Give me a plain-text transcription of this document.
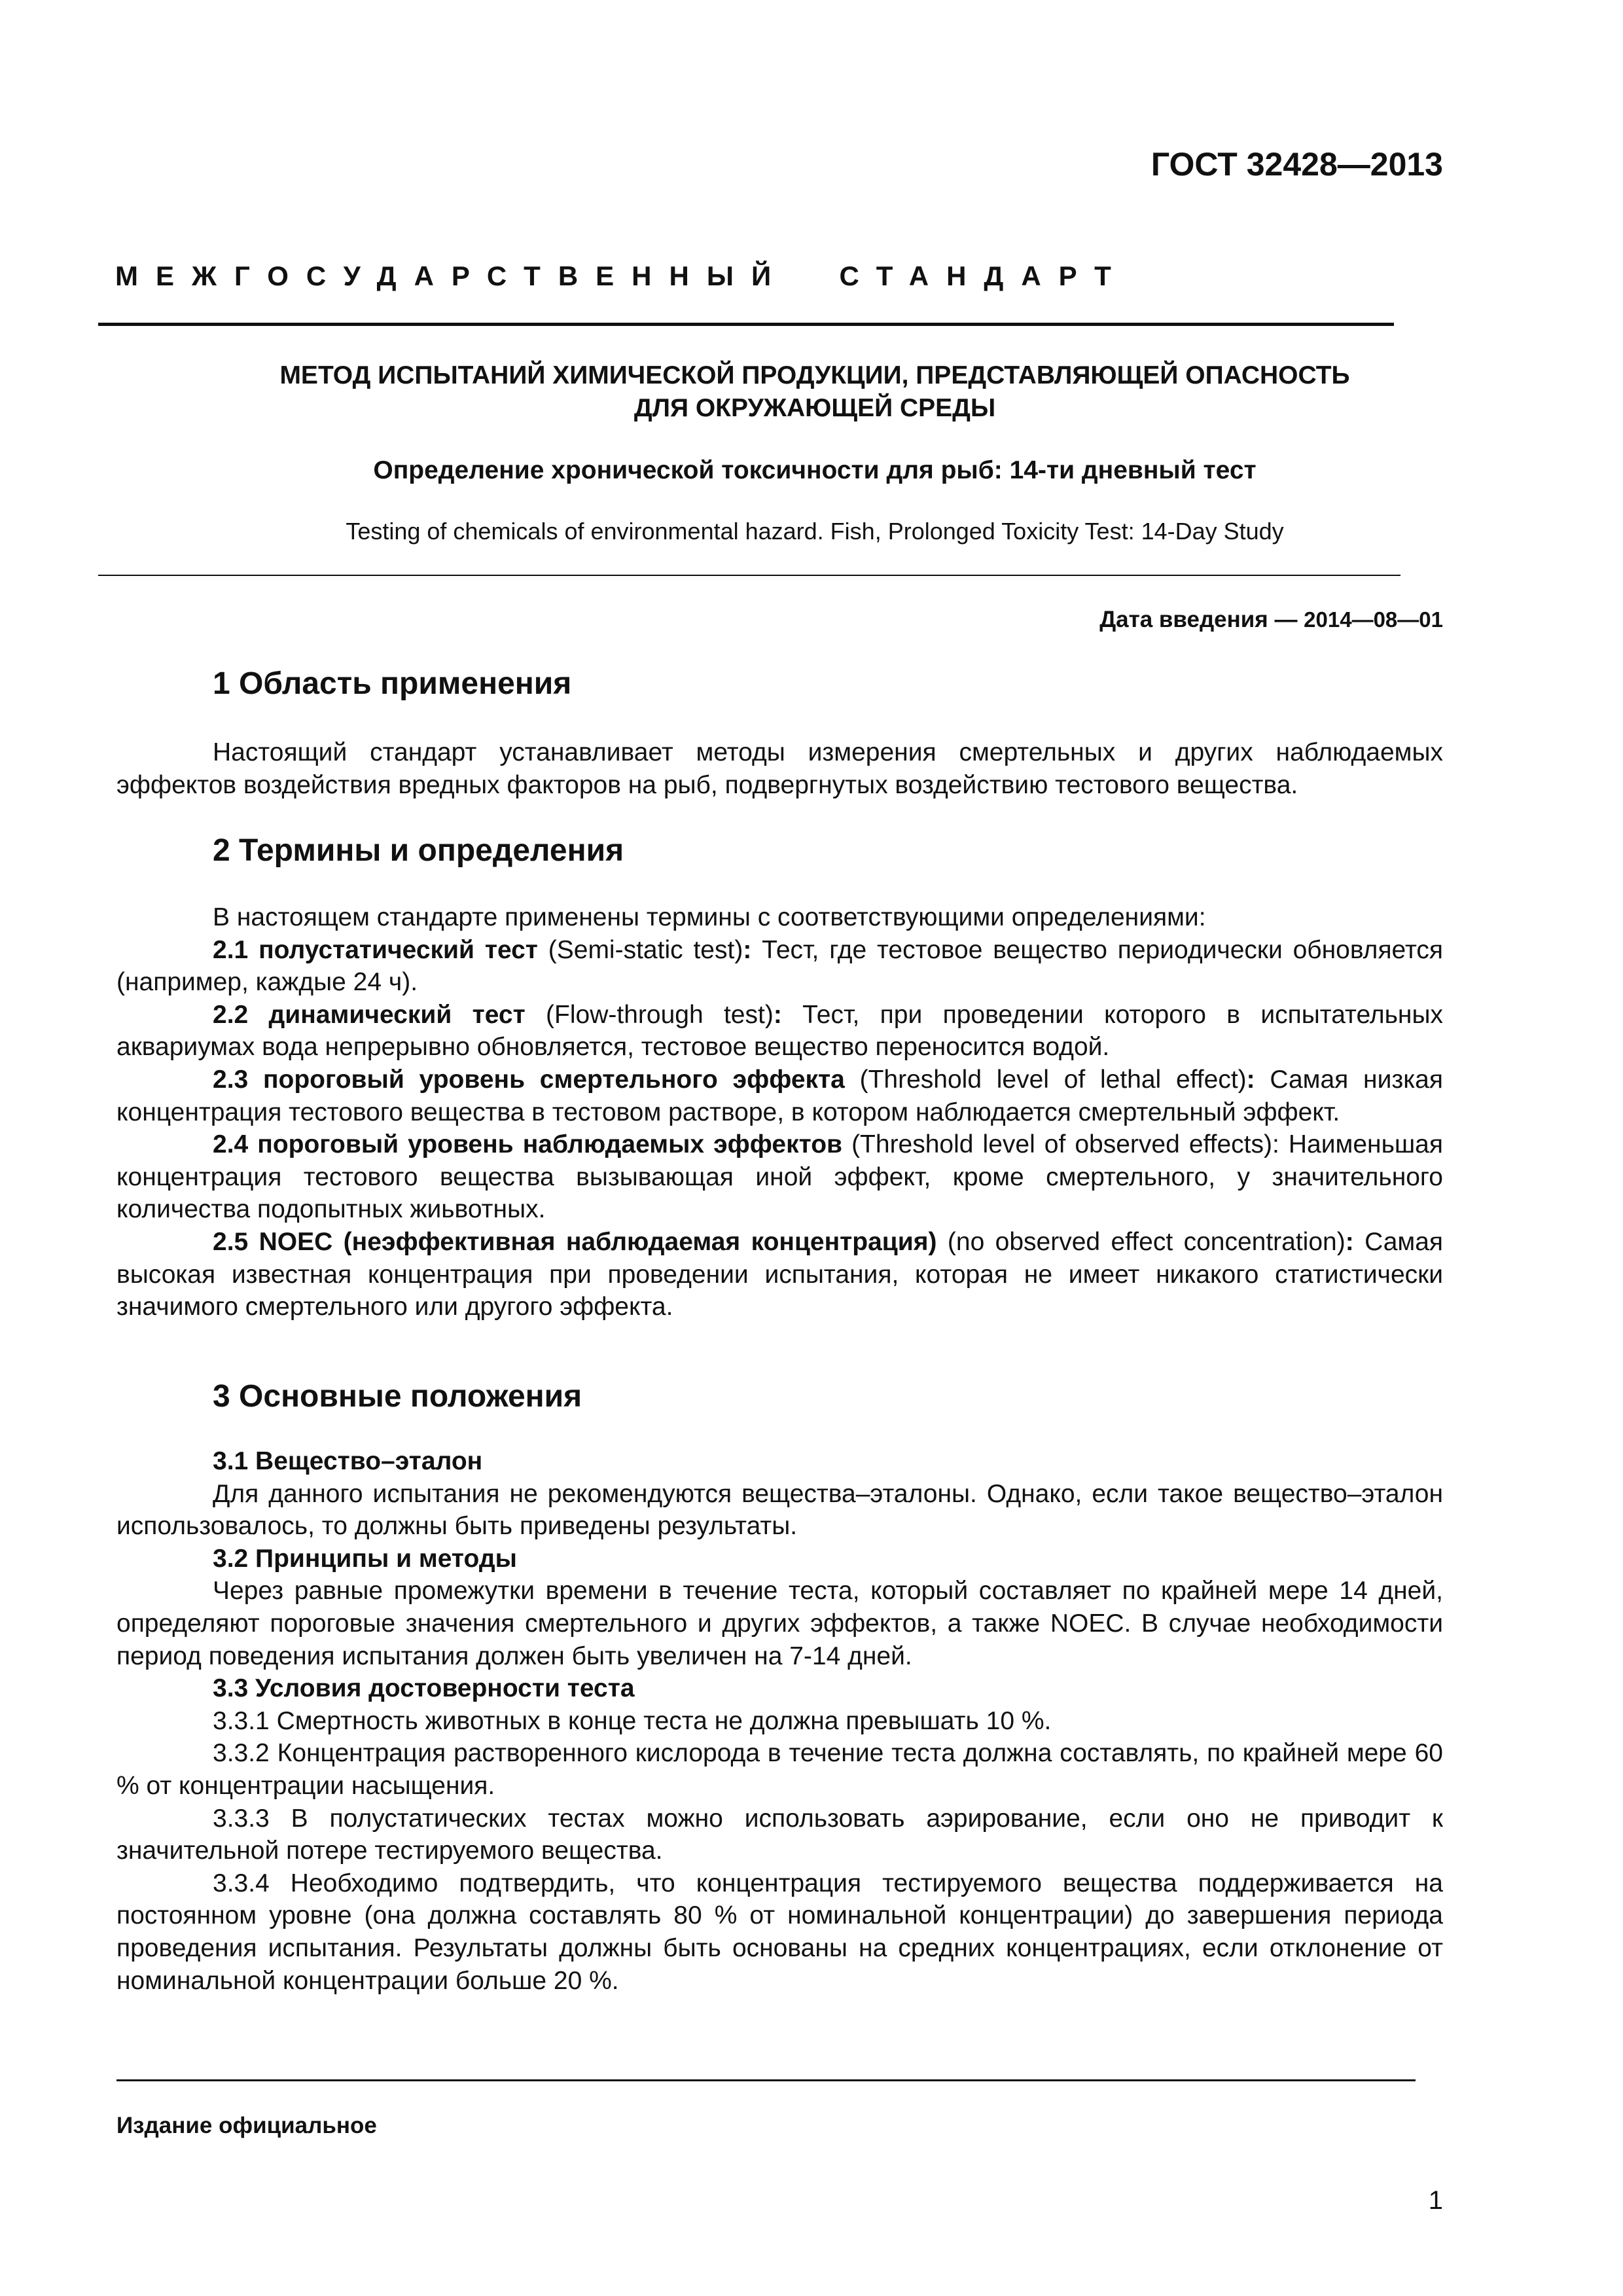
ГОСТ 32428—2013
МЕЖГОСУДАРСТВЕННЫЙ  СТАНДАРТ
МЕТОД ИСПЫТАНИЙ ХИМИЧЕСКОЙ ПРОДУКЦИИ, ПРЕДСТАВЛЯЮЩЕЙ ОПАСНОСТЬ
ДЛЯ ОКРУЖАЮЩЕЙ СРЕДЫ
Определение хронической токсичности для рыб: 14-ти дневный тест
Testing of chemicals of environmental hazard. Fish, Prolonged Toxicity Test: 14-Day Study
Дата введения — 2014—08—01
1 Область применения

Настоящий стандарт устанавливает методы измерения смертельных и других наблюдаемых эффектов воздействия вредных факторов на рыб, подвергнутых воздействию тестового вещества.

2 Термины и определения

В настоящем стандарте применены термины с соответствующими определениями:

2.1 полустатический тест (Semi-static test): Тест, где тестовое вещество периодически обновляется (например, каждые 24 ч).

2.2 динамический тест (Flow-through test): Тест, при проведении которого в испытательных аквариумах вода непрерывно обновляется, тестовое вещество переносится водой.

2.3 пороговый уровень смертельного эффекта (Threshold level of lethal effect): Самая низкая концентрация тестового вещества в тестовом растворе, в котором наблюдается смертельный эффект.

2.4 пороговый уровень наблюдаемых эффектов (Threshold level of observed effects): Наименьшая концентрация тестового вещества вызывающая иной эффект, кроме смертельного, у значительного количества подопытных жиьвотных.

2.5 NOEC (неэффективная наблюдаемая концентрация) (no observed effect concentration): Самая высокая известная концентрация при проведении испытания, которая не имеет никакого статистически значимого смертельного или другого эффекта.

3 Основные положения

3.1 Вещество–эталон

Для данного испытания не рекомендуются вещества–эталоны. Однако, если такое вещество–эталон использовалось, то должны быть приведены результаты.

3.2 Принципы и методы

Через равные промежутки времени в течение теста, который составляет по крайней мере 14 дней, определяют пороговые значения смертельного и других эффектов, а также NOEC. В случае необходимости период поведения испытания должен быть увеличен на 7-14 дней.

3.3 Условия достоверности теста

3.3.1 Смертность животных в конце теста не должна превышать 10 %.

3.3.2 Концентрация растворенного кислорода в течение теста должна составлять, по крайней мере 60 % от концентрации насыщения.

3.3.3 В полустатических тестах можно использовать аэрирование, если оно не приводит к значительной потере тестируемого вещества.

3.3.4 Необходимо подтвердить, что концентрация тестируемого вещества поддерживается на постоянном уровне (она должна составлять 80 % от номинальной концентрации) до завершения периода проведения испытания. Результаты должны быть основаны на средних концентрациях, если отклонение от номинальной концентрации больше 20 %.

Издание официальное
1
